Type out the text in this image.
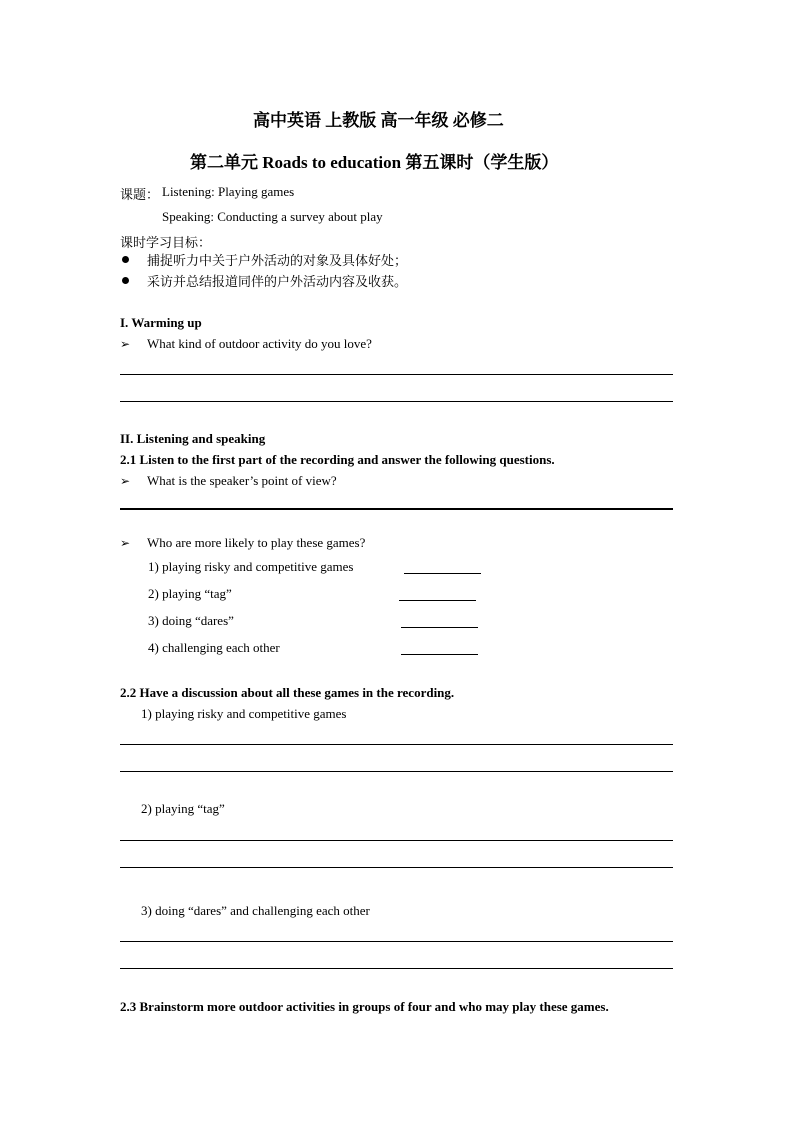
高中英语 上教版 高一年级 必修二
第二单元 Roads to education 第五课时（学生版）
课题： Listening: Playing games
Speaking: Conducting a survey about play
课时学习目标：
捕捉听力中关于户外活动的对象及具体好处；
采访并总结报道同伴的户外活动内容及收获。
I. Warming up
➢ What kind of outdoor activity do you love?
II. Listening and speaking
2.1 Listen to the first part of the recording and answer the following questions.
➢ What is the speaker’s point of view?
➢ Who are more likely to play these games?
1) playing risky and competitive games
2) playing “tag”
3) doing “dares”
4) challenging each other
2.2 Have a discussion about all these games in the recording.
1) playing risky and competitive games
2) playing “tag”
3) doing “dares” and challenging each other
2.3 Brainstorm more outdoor activities in groups of four and who may play these games.
